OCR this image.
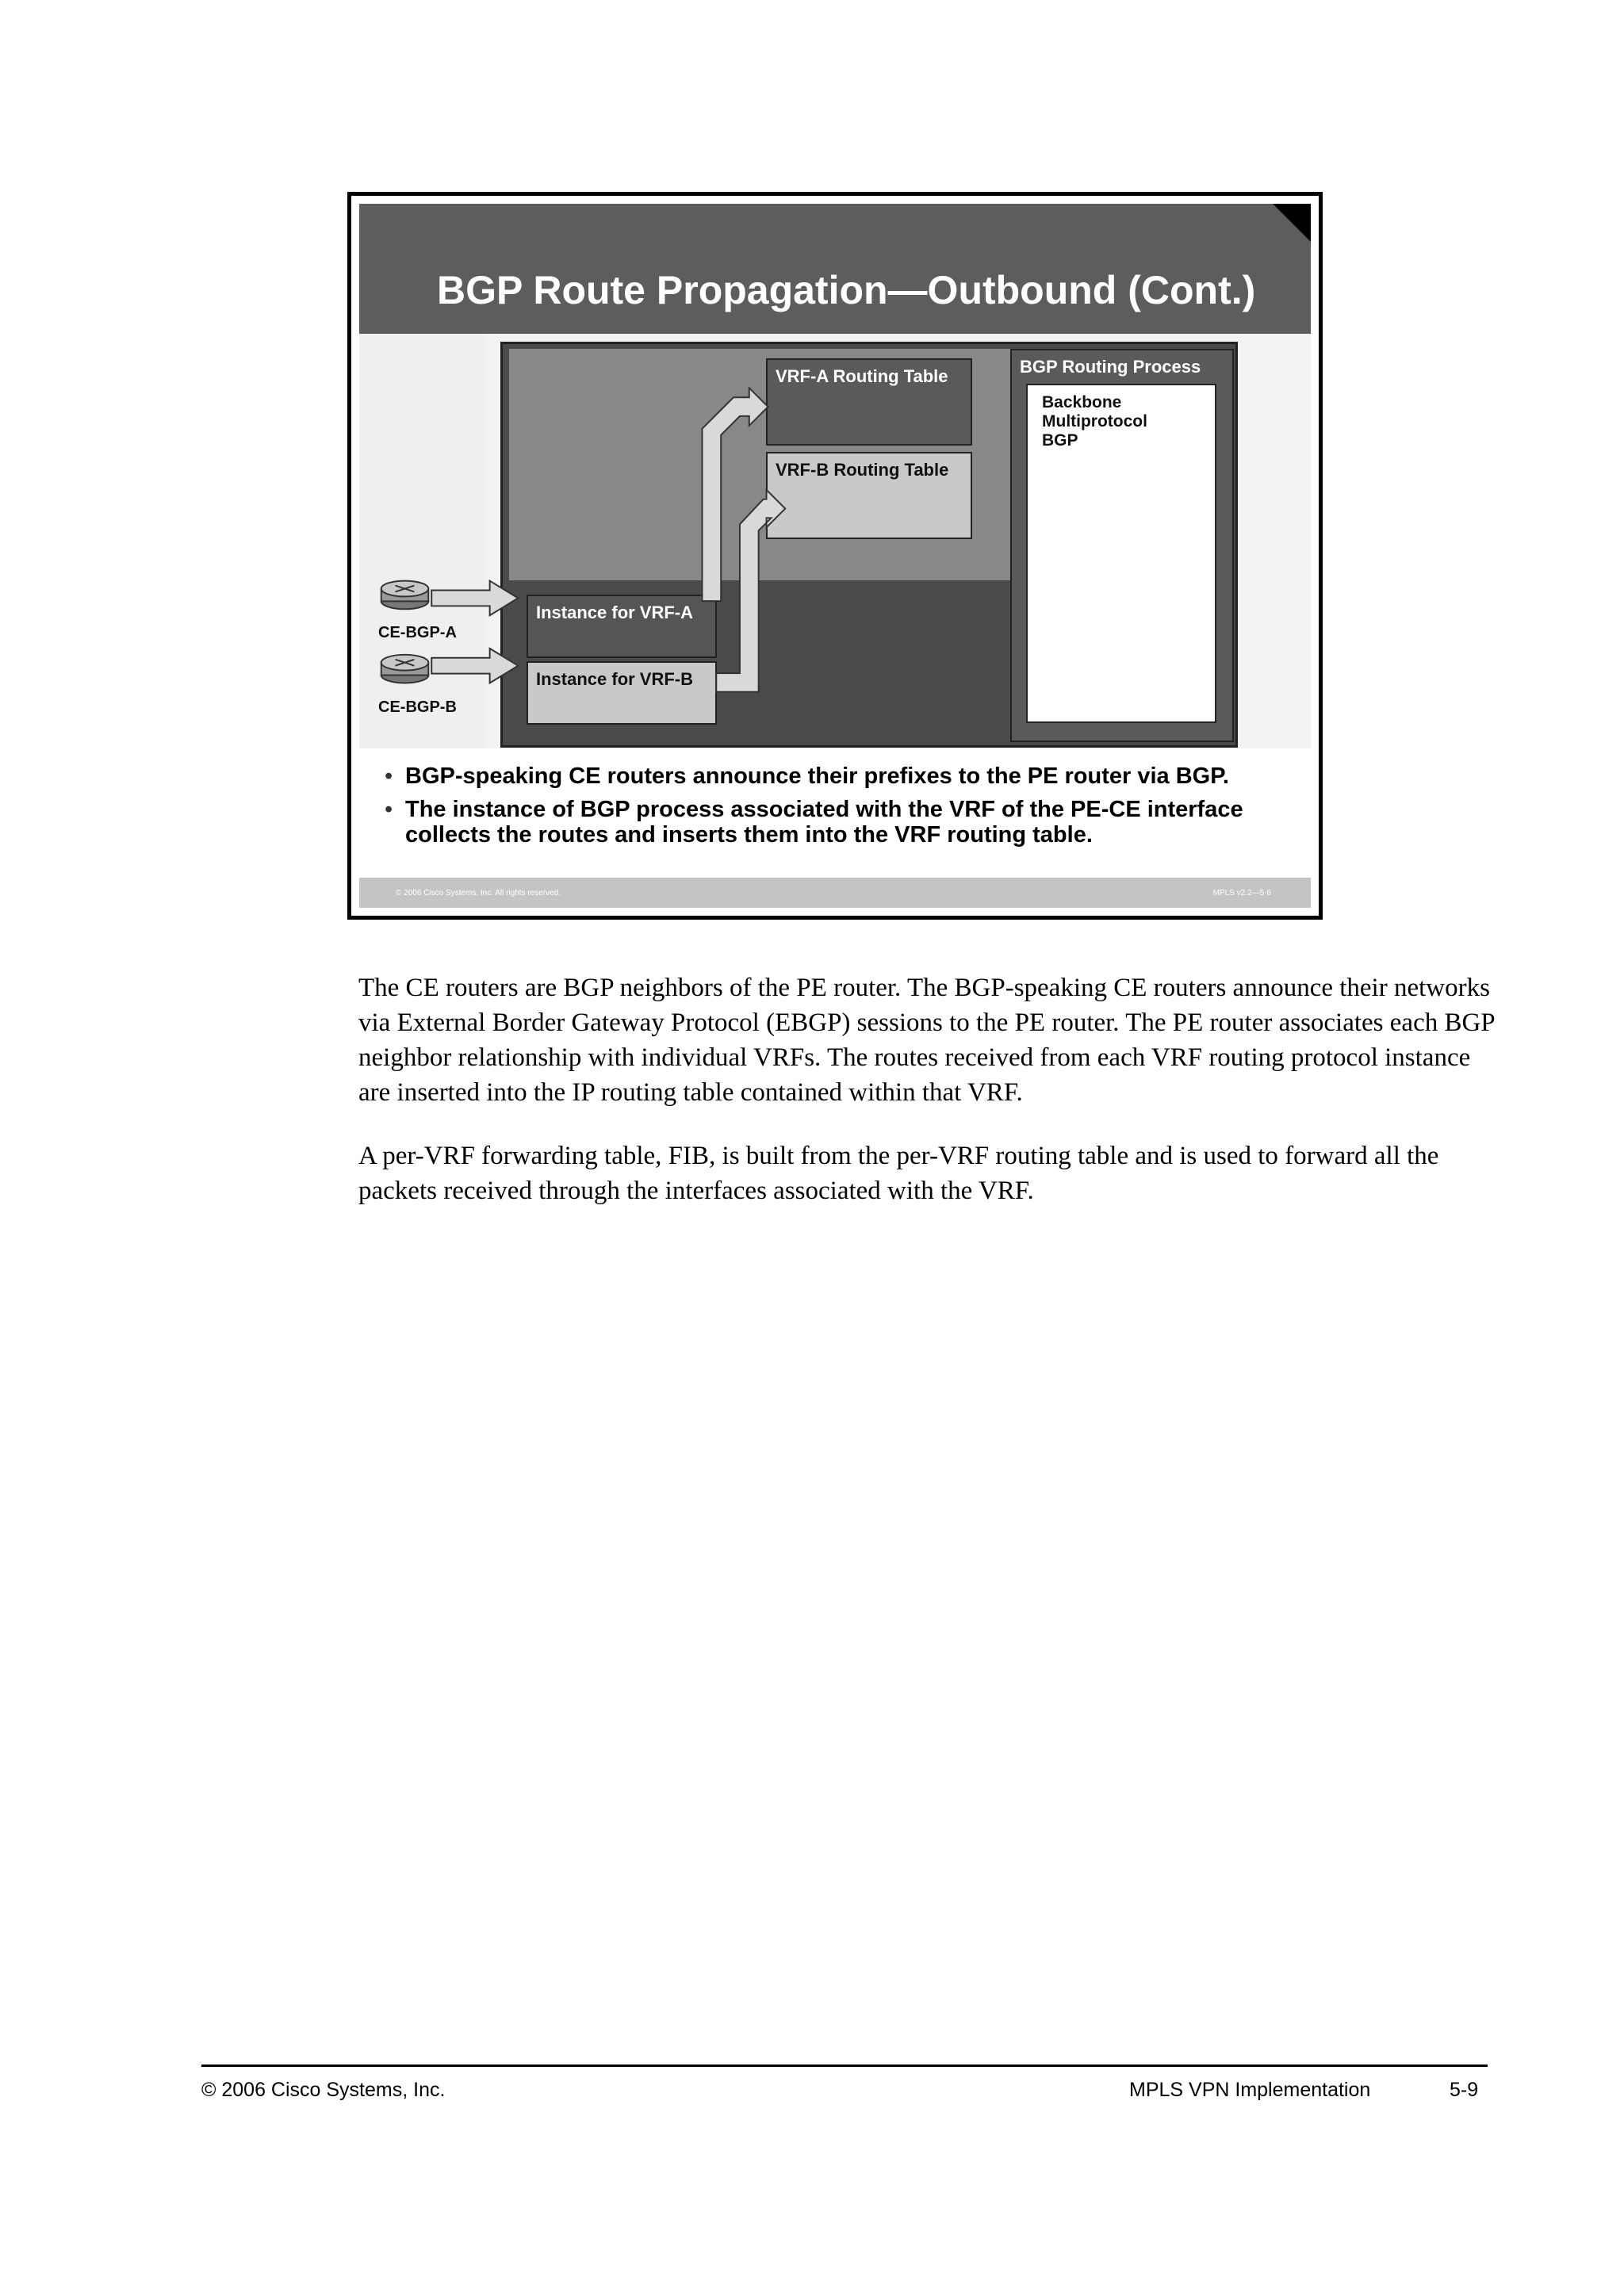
BGP Route Propagation—Outbound (Cont.)
VRF-A Routing Table
VRF-B Routing Table
BGP Routing Process
Backbone
Multiprotocol
BGP
Instance for VRF-A
Instance for VRF-B
CE-BGP-A
CE-BGP-B
• BGP-speaking CE routers announce their prefixes to the PE router via BGP.
• The instance of BGP process associated with the VRF of the PE-CE interface collects the routes and inserts them into the VRF routing table.
© 2006 Cisco Systems, Inc. All rights reserved.	MPLS v2.2—5-6

The CE routers are BGP neighbors of the PE router. The BGP-speaking CE routers announce their networks via External Border Gateway Protocol (EBGP) sessions to the PE router. The PE router associates each BGP neighbor relationship with individual VRFs. The routes received from each VRF routing protocol instance are inserted into the IP routing table contained within that VRF.

A per-VRF forwarding table, FIB, is built from the per-VRF routing table and is used to forward all the packets received through the interfaces associated with the VRF.

© 2006 Cisco Systems, Inc.	MPLS VPN Implementation	5-9
